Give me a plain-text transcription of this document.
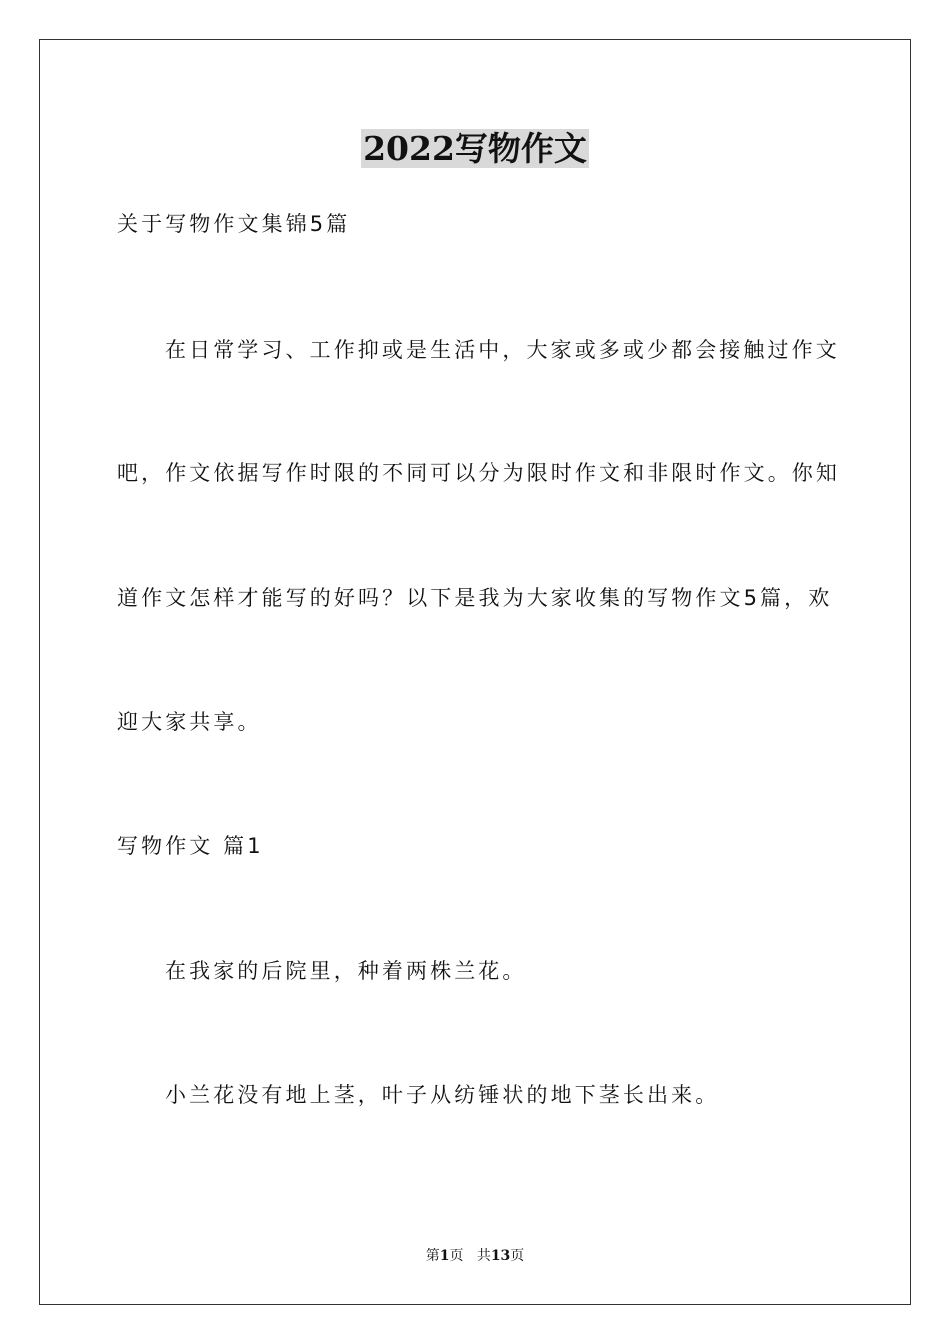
2022写物作文
关于写物作文集锦5篇
在日常学习、工作抑或是生活中，大家或多或少都会接触过作文
吧，作文依据写作时限的不同可以分为限时作文和非限时作文。你知
道作文怎样才能写的好吗？以下是我为大家收集的写物作文5篇，欢
迎大家共享。
写物作文 篇1
在我家的后院里，种着两株兰花。
小兰花没有地上茎，叶子从纺锤状的地下茎长出来。
第1页 共13页
